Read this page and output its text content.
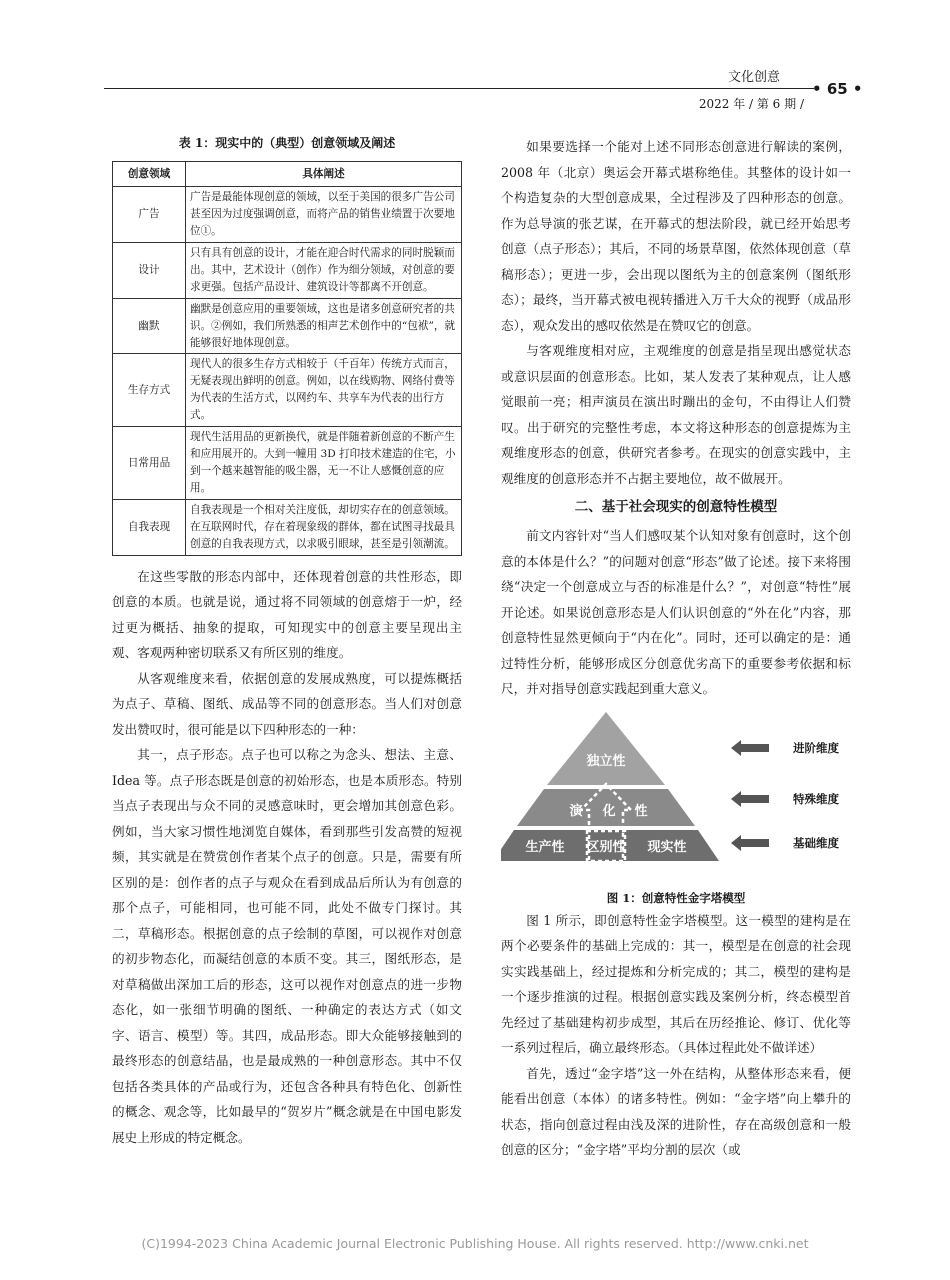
文化创意
• 65 •
2022 年 / 第 6 期 /
表 1：现实中的（典型）创意领域及阐述
创意领域	具体阐述
广告	广告是最能体现创意的领域，以至于美国的很多广告公司甚至因为过度强调创意，而将产品的销售业绩置于次要地位①。
设计	只有具有创意的设计，才能在迎合时代需求的同时脱颖而出。其中，艺术设计（创作）作为细分领域，对创意的要求更强。包括产品设计、建筑设计等都离不开创意。
幽默	幽默是创意应用的重要领域，这也是诸多创意研究者的共识。②例如，我们所熟悉的相声艺术创作中的“包袱”，就能够很好地体现创意。
生存方式	现代人的很多生存方式相较于（千百年）传统方式而言，无疑表现出鲜明的创意。例如，以在线购物、网络付费等为代表的生活方式，以网约车、共享车为代表的出行方式。
日常用品	现代生活用品的更新换代，就是伴随着新创意的不断产生和应用展开的。大到一幢用 3D 打印技术建造的住宅，小到一个越来越智能的吸尘器，无一不让人感慨创意的应用。
自我表现	自我表现是一个相对关注度低，却切实存在的创意领域。在互联网时代，存在着现象级的群体，都在试图寻找最具创意的自我表现方式，以求吸引眼球，甚至是引领潮流。

在这些零散的形态内部中，还体现着创意的共性形态，即创意的本质。也就是说，通过将不同领域的创意熔于一炉，经过更为概括、抽象的提取，可知现实中的创意主要呈现出主观、客观两种密切联系又有所区别的维度。

从客观维度来看，依据创意的发展成熟度，可以提炼概括为点子、草稿、图纸、成品等不同的创意形态。当人们对创意发出赞叹时，很可能是以下四种形态的一种：

其一，点子形态。点子也可以称之为念头、想法、主意、Idea 等。点子形态既是创意的初始形态，也是本质形态。特别当点子表现出与众不同的灵感意味时，更会增加其创意色彩。例如，当大家习惯性地浏览自媒体，看到那些引发高赞的短视频，其实就是在赞赏创作者某个点子的创意。只是，需要有所区别的是：创作者的点子与观众在看到成品后所认为有创意的那个点子，可能相同，也可能不同，此处不做专门探讨。其二，草稿形态。根据创意的点子绘制的草图，可以视作对创意的初步物态化，而凝结创意的本质不变。其三，图纸形态，是对草稿做出深加工后的形态，这可以视作对创意点的进一步物态化，如一张细节明确的图纸、一种确定的表达方式（如文字、语言、模型）等。其四，成品形态。即大众能够接触到的最终形态的创意结晶，也是最成熟的一种创意形态。其中不仅包括各类具体的产品或行为，还包含各种具有特色化、创新性的概念、观念等，比如最早的“贺岁片”概念就是在中国电影发展史上形成的特定概念。

如果要选择一个能对上述不同形态创意进行解读的案例，2008 年（北京）奥运会开幕式堪称绝佳。其整体的设计如一个构造复杂的大型创意成果，全过程涉及了四种形态的创意。作为总导演的张艺谋，在开幕式的想法阶段，就已经开始思考创意（点子形态）；其后，不同的场景草图，依然体现创意（草稿形态）；更进一步，会出现以图纸为主的创意案例（图纸形态）；最终，当开幕式被电视转播进入万千大众的视野（成品形态），观众发出的感叹依然是在赞叹它的创意。

与客观维度相对应，主观维度的创意是指呈现出感觉状态或意识层面的创意形态。比如，某人发表了某种观点，让人感觉眼前一亮；相声演员在演出时蹦出的金句，不由得让人们赞叹。出于研究的完整性考虑，本文将这种形态的创意提炼为主观维度形态的创意，供研究者参考。在现实的创意实践中，主观维度的创意形态并不占据主要地位，故不做展开。

二、基于社会现实的创意特性模型

前文内容针对“当人们感叹某个认知对象有创意时，这个创意的本体是什么？”的问题对创意“形态”做了论述。接下来将围绕“决定一个创意成立与否的标准是什么？”，对创意“特性”展开论述。如果说创意形态是人们认识创意的“外在化”内容，那创意特性显然更倾向于“内在化”。同时，还可以确定的是：通过特性分析，能够形成区分创意优劣高下的重要参考依据和标尺，并对指导创意实践起到重大意义。

独立性
演 化 性
生产性 区别性 现实性
进阶维度
特殊维度
基础维度
图 1：创意特性金字塔模型

图 1 所示，即创意特性金字塔模型。这一模型的建构是在两个必要条件的基础上完成的：其一，模型是在创意的社会现实实践基础上，经过提炼和分析完成的；其二，模型的建构是一个逐步推演的过程。根据创意实践及案例分析，终态模型首先经过了基础建构初步成型，其后在历经推论、修订、优化等一系列过程后，确立最终形态。（具体过程此处不做详述）

首先，透过“金字塔”这一外在结构，从整体形态来看，便能看出创意（本体）的诸多特性。例如：“金字塔”向上攀升的状态，指向创意过程由浅及深的进阶性，存在高级创意和一般创意的区分；“金字塔”平均分割的层次（或

(C)1994-2023 China Academic Journal Electronic Publishing House. All rights reserved. http://www.cnki.net
